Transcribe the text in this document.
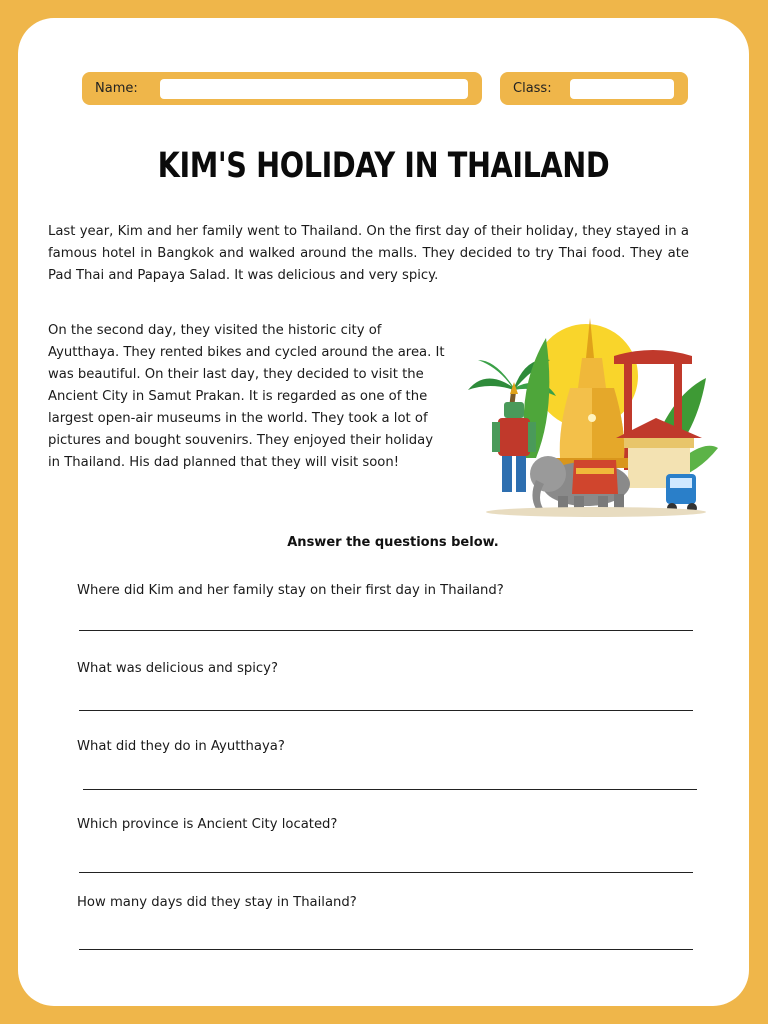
Name:	Class:
KIM'S HOLIDAY IN THAILAND

Last year, Kim and her family went to Thailand. On the first day of their holiday, they stayed in a famous hotel in Bangkok and walked around the malls. They decided to try Thai food. They ate Pad Thai and Papaya Salad. It was delicious and very spicy.

On the second day, they visited the historic city of Ayutthaya. They rented bikes and cycled around the area. It was beautiful. On their last day, they decided to visit the Ancient City in Samut Prakan. It is regarded as one of the largest open-air museums in the world. They took a lot of pictures and bought souvenirs. They enjoyed their holiday in Thailand. His dad planned that they will visit soon!

Answer the questions below.

Where did Kim and her family stay on their first day in Thailand?

What was delicious and spicy?

What did they do in Ayutthaya?

Which province is Ancient City located?

How many days did they stay in Thailand?
